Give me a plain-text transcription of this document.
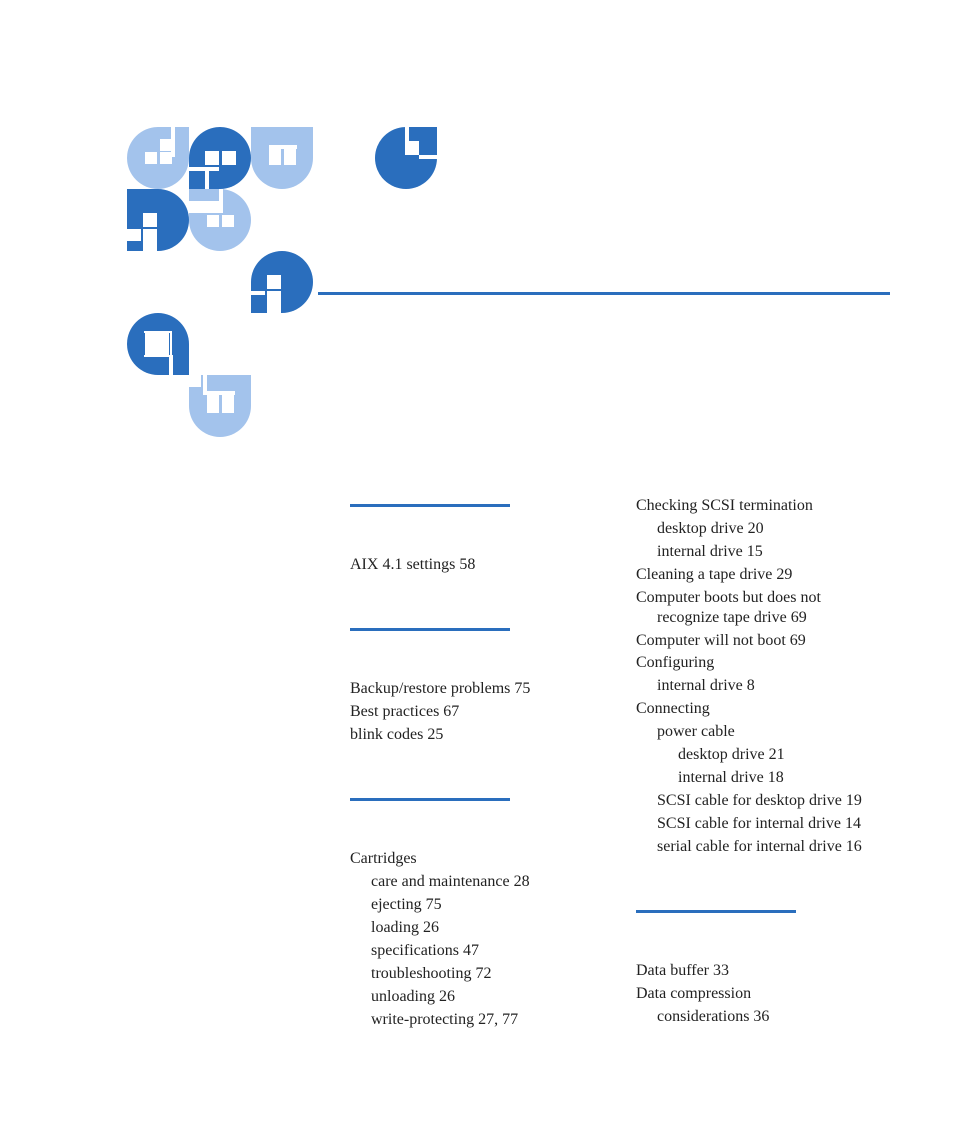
AIX 4.1 settings 58
Backup/restore problems 75
Best practices 67
blink codes 25
Cartridges
care and maintenance 28
ejecting 75
loading 26
specifications 47
troubleshooting 72
unloading 26
write-protecting 27, 77
Checking SCSI termination
desktop drive 20
internal drive 15
Cleaning a tape drive 29
Computer boots but does not
recognize tape drive 69
Computer will not boot 69
Configuring
internal drive 8
Connecting
power cable
desktop drive 21
internal drive 18
SCSI cable for desktop drive 19
SCSI cable for internal drive 14
serial cable for internal drive 16
Data buffer 33
Data compression
considerations 36
